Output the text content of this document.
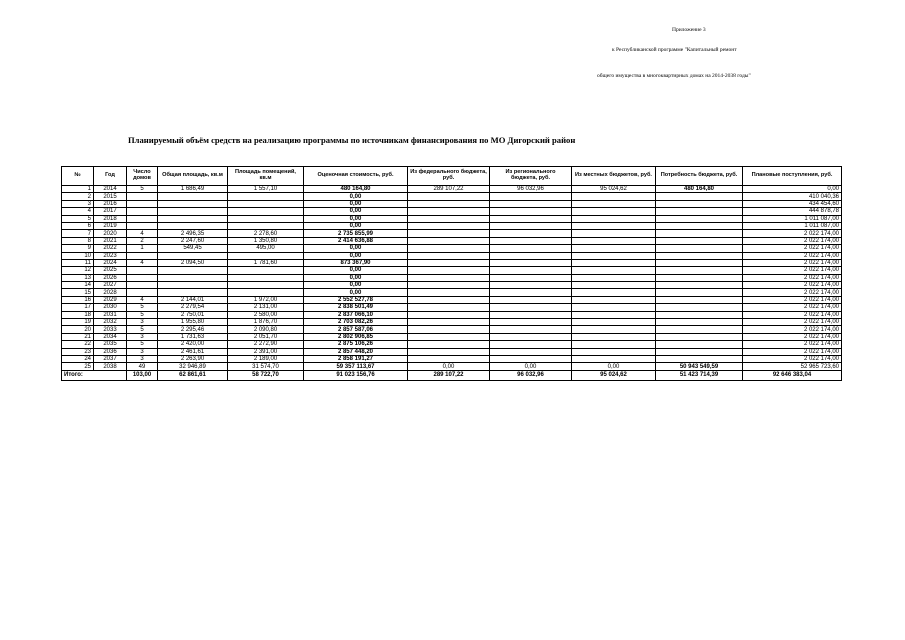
Приложение 3
к Республиканской программе "Капитальный ремонт
общего имущества в многоквартирных домах на 2014-2038 годы"
Планируемый объём средств на реализацию программы по источникам финансирования по МО Дигорский район
№	Год	Число домов	Общая площадь, кв.м	Площадь помещений, кв.м	Оценочная стоимость, руб.	Из федерального бюджета, руб.	Из регионального бюджета, руб.	Из местных бюджетов, руб.	Потребность бюджета, руб.	Плановые поступления, руб.
1	2014	5	1 686,49	1 557,10	480 164,80	289 107,22	96 032,96	95 024,62	480 164,80	0,00
2	2015				0,00					410 040,36
3	2016				0,00					434 454,60
4	2017				0,00					444 878,78
5	2018				0,00					1 011 087,00
6	2019				0,00					1 011 087,00
7	2020	4	2 496,35	2 278,60	2 735 855,99					2 022 174,00
8	2021	2	2 247,60	1 350,80	2 414 636,88					2 022 174,00
9	2022	1	549,45	495,00	0,00					2 022 174,00
10	2023				0,00					2 022 174,00
11	2024	4	2 094,50	1 781,60	873 367,90					2 022 174,00
12	2025				0,00					2 022 174,00
13	2026				0,00					2 022 174,00
14	2027				0,00					2 022 174,00
15	2028				0,00					2 022 174,00
16	2029	4	2 144,01	1 972,00	2 552 527,78					2 022 174,00
17	2030	5	2 279,54	2 131,00	2 838 501,49					2 022 174,00
18	2031	5	2 750,01	2 580,00	2 837 066,10					2 022 174,00
19	2032	3	1 955,80	1 876,70	2 703 082,26					2 022 174,00
20	2033	5	2 295,46	2 090,80	2 857 587,06					2 022 174,00
21	2034	3	1 731,63	2 051,70	2 802 906,85					2 022 174,00
22	2035	5	2 420,00	2 272,90	2 875 106,26					2 022 174,00
23	2036	3	2 461,61	2 391,00	2 857 448,20					2 022 174,00
24	2037	3	2 263,90	2 189,00	2 858 191,27					2 022 174,00
25	2038	49	32 946,89	31 574,70	59 357 113,67	0,00	0,00	0,00	50 943 549,59	52 965 723,60
Итого:		103,00	62 861,61	58 722,70	91 023 156,76	289 107,22	96 032,96	95 024,62	51 423 714,39	92 646 383,04
